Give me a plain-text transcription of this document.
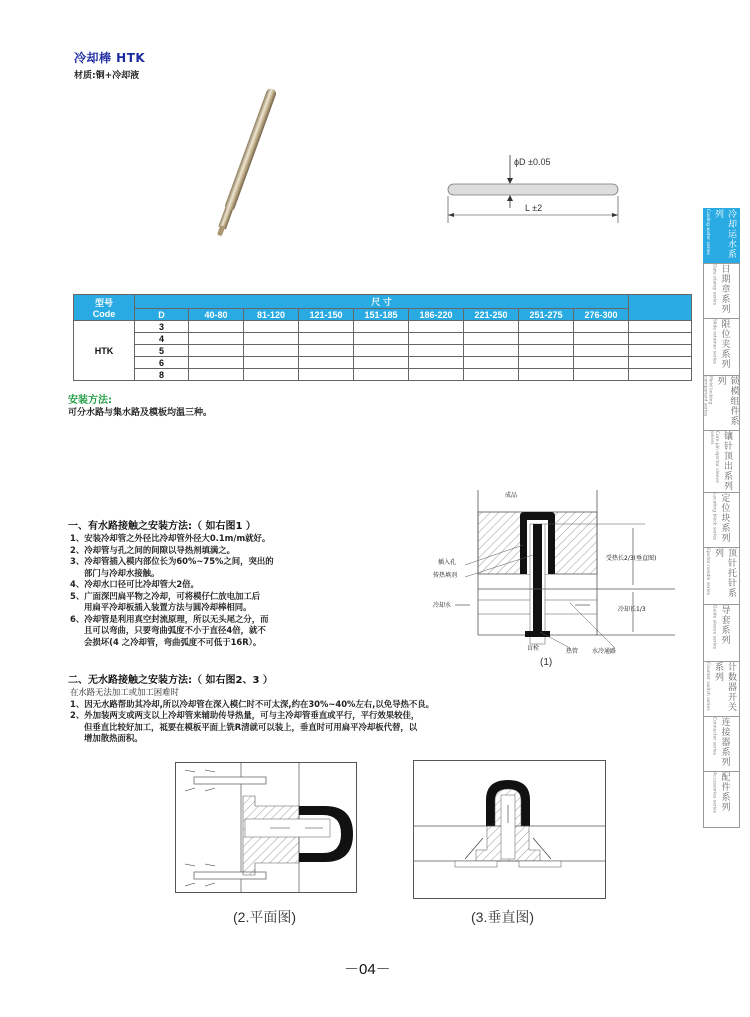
冷却棒 HTK
材质:铜+冷却液
ϕD ±0.05
L ±2
型号
Code	尺 寸									
	D	40-80	81-120	121-150	151-185	186-220	221-250	251-275	276-300	
HTK	3									
	4									
	5									
	6									
	8									
安装方法:
可分水路与集水路及模板均温三种。
一、有水路接触之安装方法:（ 如右图1 ）
1、安装冷却管之外径比冷却管外径大0.1m/m就好。
2、冷却管与孔之间的间隙以导热剂填满之。
3、冷却管插入模内部位长为60%~75%之间，突出的
部门与冷却水接触。
4、冷却水口径可比冷却管大2倍。
5、广面深凹扁平物之冷却，可将模仔仁放电加工后
用扁平冷却板插入装置方法与圆冷却棒相同。
6、冷却管是利用真空封流原理，所以无头尾之分，而
且可以弯曲，只要弯曲弧度不小于直径4倍，就不
会损坏(4 之冷却管，弯曲弧度不可低于16R）。
二、无水路接触之安装方法:（ 如右图2、3 ）
在水路无法加工或加工困难时
1、因无水路帮助其冷却,所以冷却管在深入模仁时不可太深,约在30%~40%左右,以免导热不良。
2、外加装两支或两支以上冷却管来辅助传导热量，可与主冷却管垂直或平行，平行效果较佳，
但垂直比较好加工，祗要在模板平面上铣R清就可以装上，垂直时可用扁平冷却板代替，以
增加散热面积。
成品
插入孔
传热填剂
冷却水
受热长2/3(垂直图)
冷却长1/3
盲栓	热管 水冷通路
(1)
(2.平面图)	(3.垂直图)
Cooling water series	冷却运水系列
Date stamp series 日期章系列
Slide retainer series 限位夹系列
Mold locking component series	锁模组件系列
Core pin ejector sleeve series 镶针顶出系列
Locating block series 定位块系列
Ejector needle series	顶针托针系列
Guide sleeve series 导套系列
Counter switch series	计数器开关系列
Connector series 连接器系列
Accessories series 配件系列
－04－
